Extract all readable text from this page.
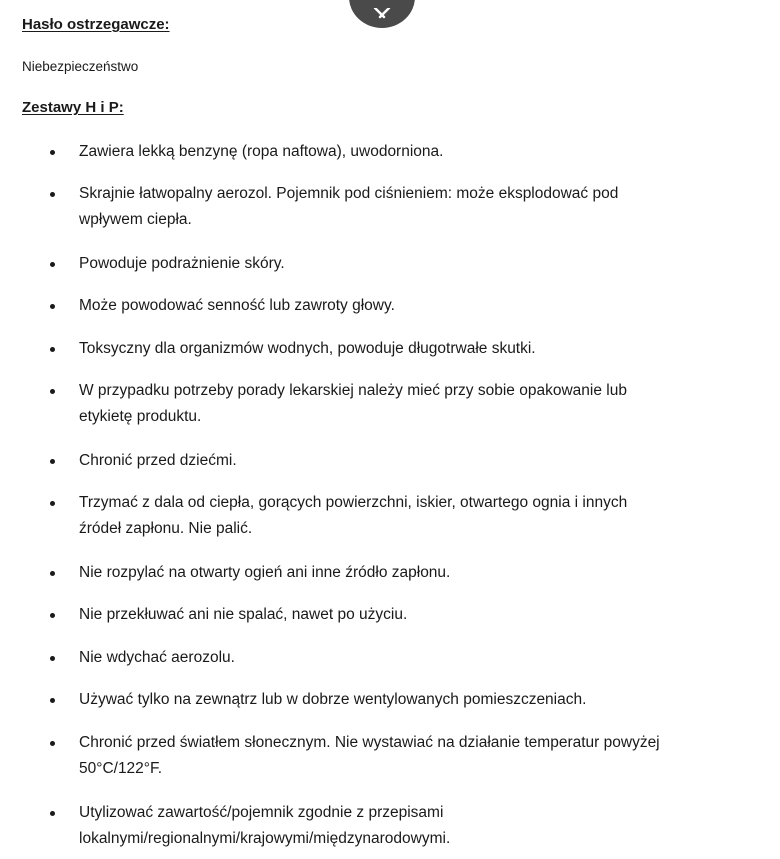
Hasło ostrzegawcze:

Niebezpieczeństwo

Zestawy H i P:
Zawiera lekką benzynę (ropa naftowa), uwodorniona.
Skrajnie łatwopalny aerozol. Pojemnik pod ciśnieniem: może eksplodować pod
wpływem ciepła.
Powoduje podrażnienie skóry.
Może powodować senność lub zawroty głowy.
Toksyczny dla organizmów wodnych, powoduje długotrwałe skutki.
W przypadku potrzeby porady lekarskiej należy mieć przy sobie opakowanie lub
etykietę produktu.
Chronić przed dziećmi.
Trzymać z dala od ciepła, gorących powierzchni, iskier, otwartego ognia i innych
źródeł zapłonu. Nie palić.
Nie rozpylać na otwarty ogień ani inne źródło zapłonu.
Nie przekłuwać ani nie spalać, nawet po użyciu.
Nie wdychać aerozolu.
Używać tylko na zewnątrz lub w dobrze wentylowanych pomieszczeniach.
Chronić przed światłem słonecznym. Nie wystawiać na działanie temperatur powyżej
50°C/122°F.
Utylizować zawartość/pojemnik zgodnie z przepisami
lokalnymi/regionalnymi/krajowymi/międzynarodowymi.
